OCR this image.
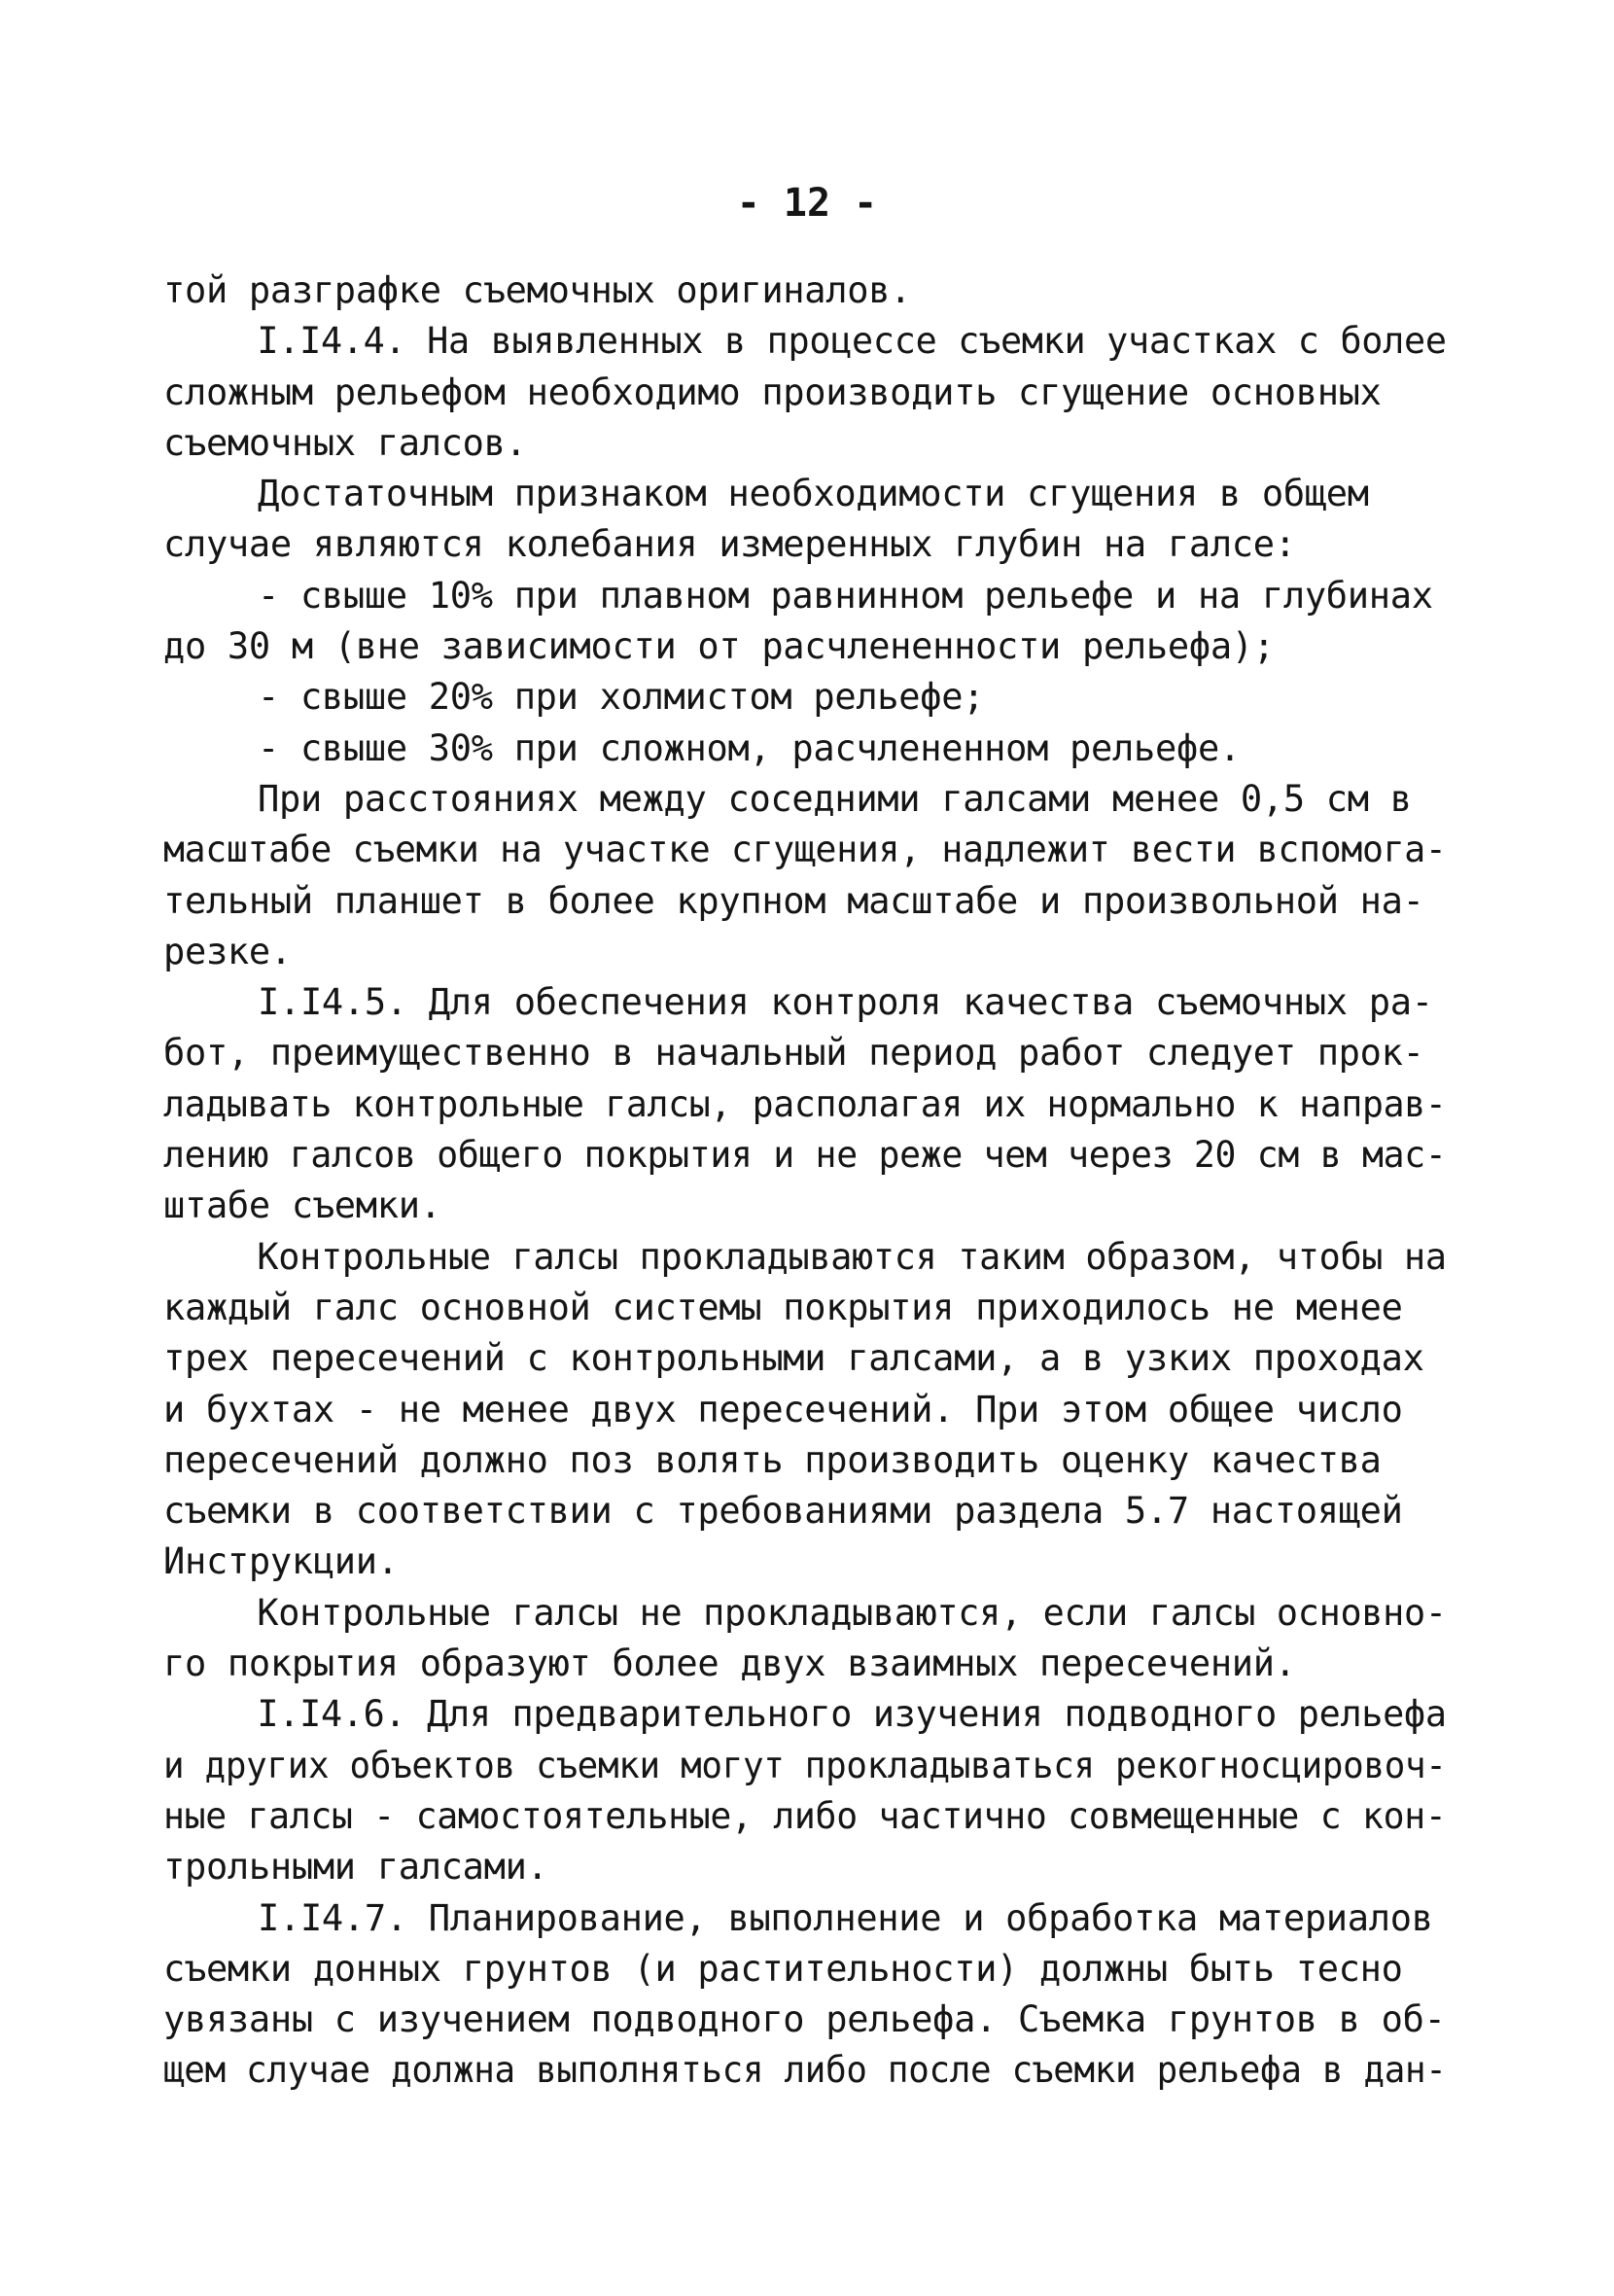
- 12 -
той разграфке съемочных оригиналов.
I.I4.4. На выявленных в процессе съемки участках с более
сложным рельефом необходимо производить сгущение основных
съемочных галсов.
Достаточным признаком необходимости сгущения в общем
случае являются колебания измеренных глубин на галсе:
- свыше 10% при плавном равнинном рельефе и на глубинах
до 30 м (вне зависимости от расчлененности рельефа);
- свыше 20% при холмистом рельефе;
- свыше 30% при сложном, расчлененном рельефе.
При расстояниях между соседними галсами менее 0,5 см в
масштабе съемки на участке сгущения, надлежит вести вспомога-
тельный планшет в более крупном масштабе и произвольной на-
резке.
I.I4.5. Для обеспечения контроля качества съемочных ра-
бот, преимущественно в начальный период работ следует прок-
ладывать контрольные галсы, располагая их нормально к направ-
лению галсов общего покрытия и не реже чем через 20 см в мас-
штабе съемки.
Контрольные галсы прокладываются таким образом, чтобы на
каждый галс основной системы покрытия приходилось не менее
трех пересечений с контрольными галсами, а в узких проходах
и бухтах - не менее двух пересечений. При этом общее число
пересечений должно поз волять производить оценку качества
съемки в соответствии с требованиями раздела 5.7 настоящей
Инструкции.
Контрольные галсы не прокладываются, если галсы основно-
го покрытия образуют более двух взаимных пересечений.
I.I4.6. Для предварительного изучения подводного рельефа
и других объектов съемки могут прокладываться рекогносцировоч-
ные галсы - самостоятельные, либо частично совмещенные с кон-
трольными галсами.
I.I4.7. Планирование, выполнение и обработка материалов
съемки донных грунтов (и растительности) должны быть тесно
увязаны с изучением подводного рельефа. Съемка грунтов в об-
щем случае должна выполняться либо после съемки рельефа в дан-
